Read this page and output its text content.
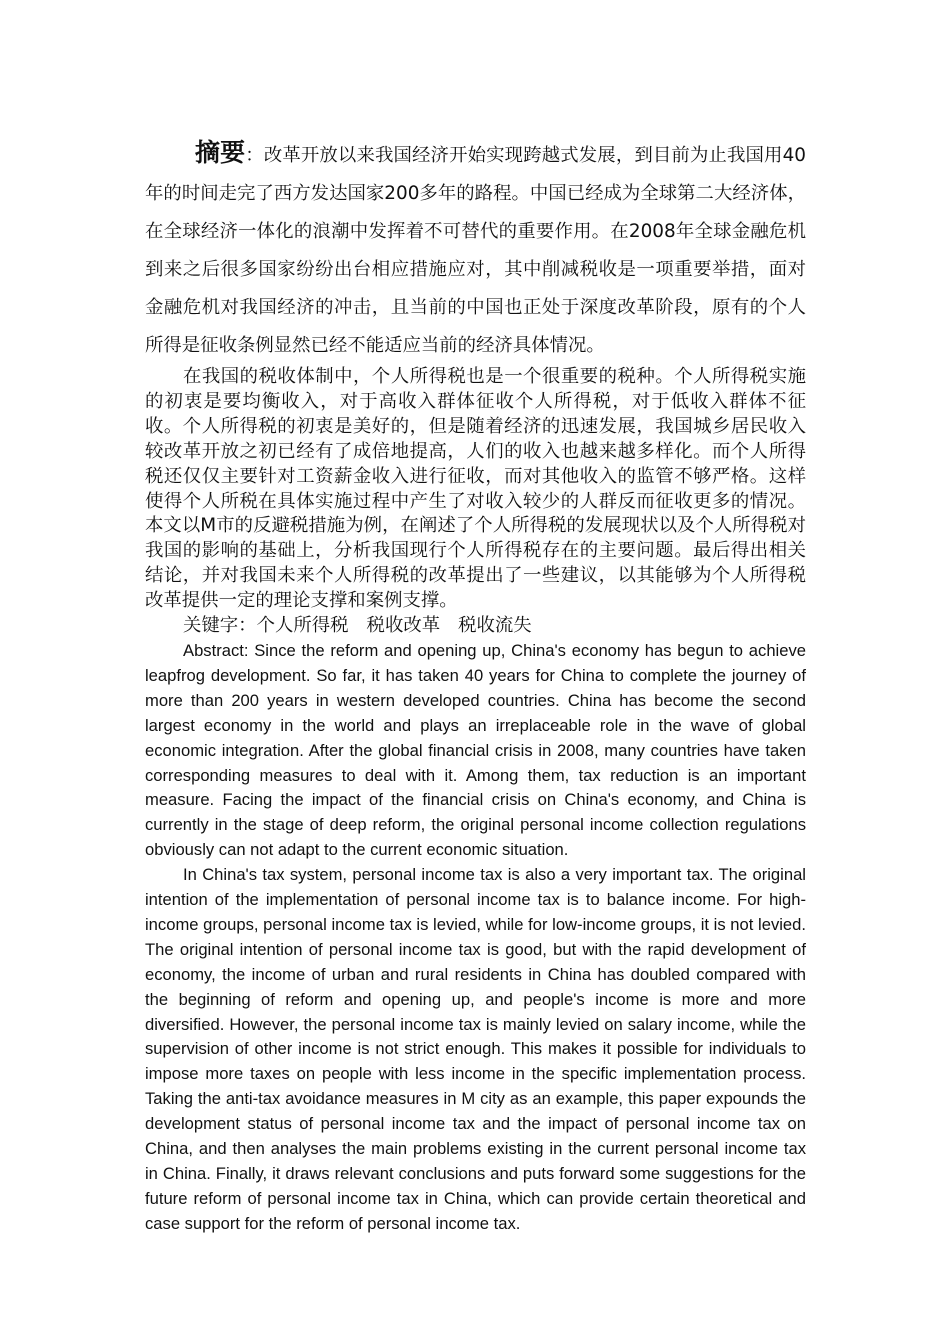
摘要：改革开放以来我国经济开始实现跨越式发展，到目前为止我国用40年的时间走完了西方发达国家200多年的路程。中国已经成为全球第二大经济体，在全球经济一体化的浪潮中发挥着不可替代的重要作用。在2008年全球金融危机到来之后很多国家纷纷出台相应措施应对，其中削减税收是一项重要举措，面对金融危机对我国经济的冲击，且当前的中国也正处于深度改革阶段，原有的个人所得是征收条例显然已经不能适应当前的经济具体情况。

在我国的税收体制中，个人所得税也是一个很重要的税种。个人所得税实施的初衷是要均衡收入，对于高收入群体征收个人所得税，对于低收入群体不征收。个人所得税的初衷是美好的，但是随着经济的迅速发展，我国城乡居民收入较改革开放之初已经有了成倍地提高，人们的收入也越来越多样化。而个人所得税还仅仅主要针对工资薪金收入进行征收，而对其他收入的监管不够严格。这样使得个人所税在具体实施过程中产生了对收入较少的人群反而征收更多的情况。本文以M市的反避税措施为例，在阐述了个人所得税的发展现状以及个人所得税对我国的影响的基础上，分析我国现行个人所得税存在的主要问题。最后得出相关结论，并对我国未来个人所得税的改革提出了一些建议，以其能够为个人所得税改革提供一定的理论支撑和案例支撑。

关键字：个人所得税 税收改革 税收流失

Abstract: Since the reform and opening up, China's economy has begun to achieve leapfrog development. So far, it has taken 40 years for China to complete the journey of more than 200 years in western developed countries. China has become the second largest economy in the world and plays an irreplaceable role in the wave of global economic integration. After the global financial crisis in 2008, many countries have taken corresponding measures to deal with it. Among them, tax reduction is an important measure. Facing the impact of the financial crisis on China's economy, and China is currently in the stage of deep reform, the original personal income collection regulations obviously can not adapt to the current economic situation.

In China's tax system, personal income tax is also a very important tax. The original intention of the implementation of personal income tax is to balance income. For high-income groups, personal income tax is levied, while for low-income groups, it is not levied. The original intention of personal income tax is good, but with the rapid development of economy, the income of urban and rural residents in China has doubled compared with the beginning of reform and opening up, and people's income is more and more diversified. However, the personal income tax is mainly levied on salary income, while the supervision of other income is not strict enough. This makes it possible for individuals to impose more taxes on people with less income in the specific implementation process. Taking the anti-tax avoidance measures in M city as an example, this paper expounds the development status of personal income tax and the impact of personal income tax on China, and then analyses the main problems existing in the current personal income tax in China. Finally, it draws relevant conclusions and puts forward some suggestions for the future reform of personal income tax in China, which can provide certain theoretical and case support for the reform of personal income tax.
